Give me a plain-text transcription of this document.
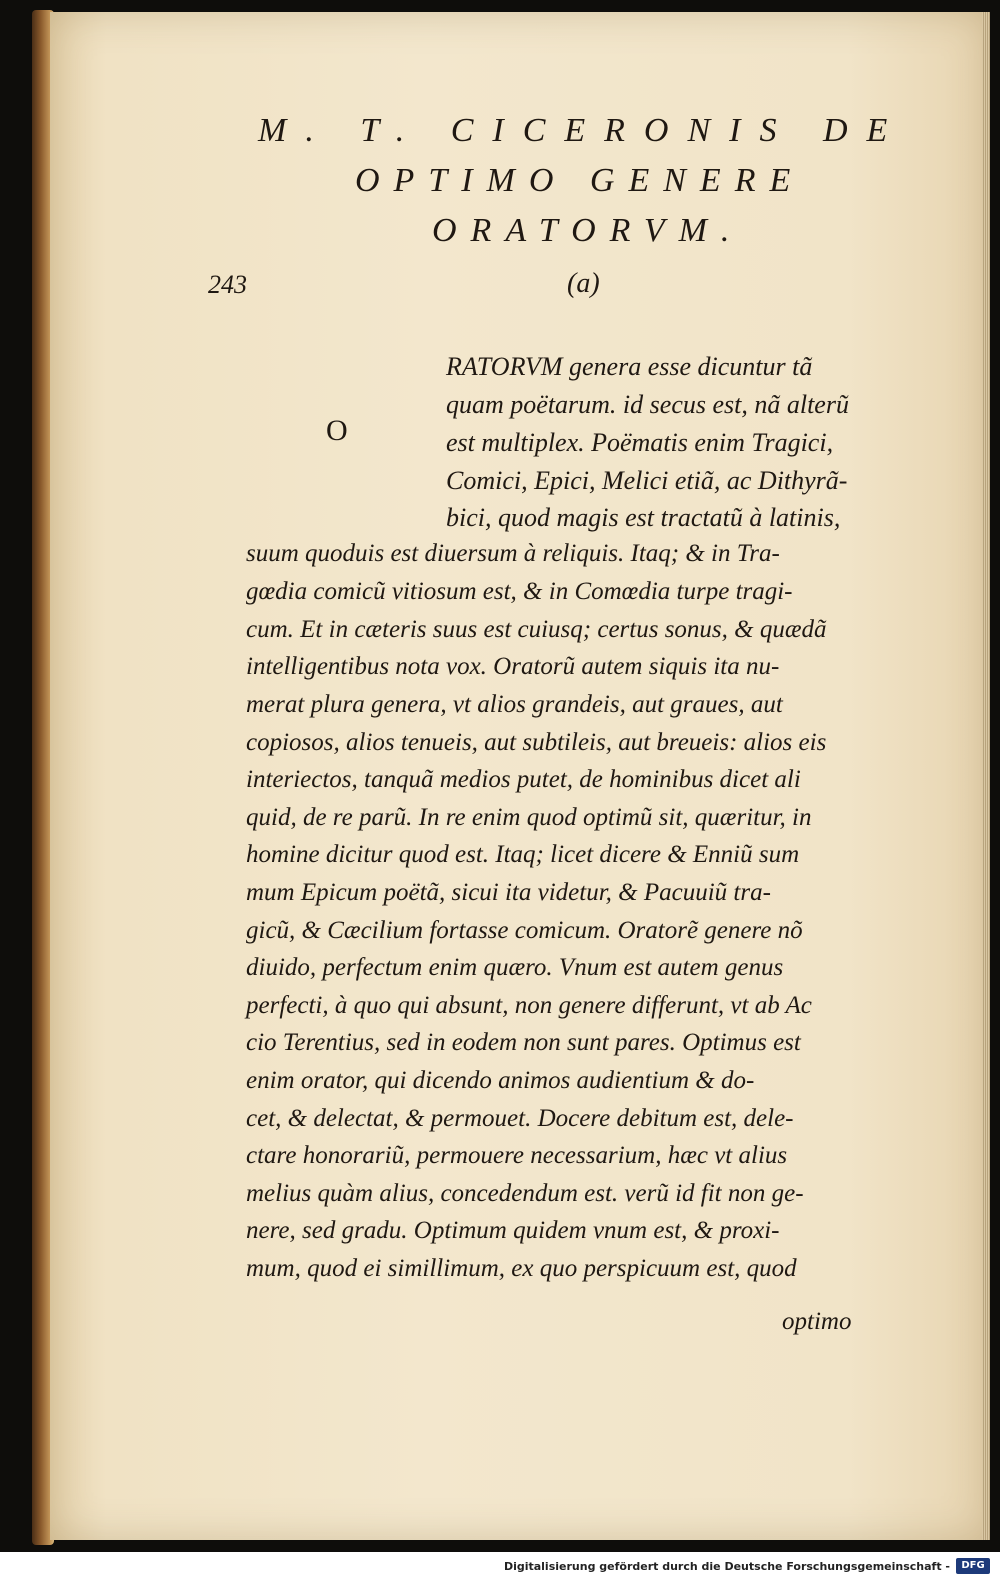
M. T. CICERONIS DE
OPTIMO GENERE
ORATORVM.
243	(a)
O
RATORVM genera esse dicuntur tã
quam poëtarum. id secus est, nã alterũ
est multiplex. Poëmatis enim Tragici,
Comici, Epici, Melici etiã, ac Dithyrã-
bici, quod magis est tractatũ à latinis,
suum quoduis est diuersum à reliquis. Itaq; & in Tra-
gœdia comicũ vitiosum est, & in Comœdia turpe tragi-
cum. Et in cæteris suus est cuiusq; certus sonus, & quædã
intelligentibus nota vox. Oratorũ autem siquis ita nu-
merat plura genera, vt alios grandeis, aut graues, aut
copiosos, alios tenueis, aut subtileis, aut breueis: alios eis
interiectos, tanquã medios putet, de hominibus dicet ali
quid, de re parũ. In re enim quod optimũ sit, quæritur, in
homine dicitur quod est. Itaq; licet dicere & Enniũ sum
mum Epicum poëtã, sicui ita videtur, & Pacuuiũ tra-
gicũ, & Cæcilium fortasse comicum. Oratorẽ genere nõ
diuido, perfectum enim quæro. Vnum est autem genus
perfecti, à quo qui absunt, non genere differunt, vt ab Ac
cio Terentius, sed in eodem non sunt pares. Optimus est
enim orator, qui dicendo animos audientium & do-
cet, & delectat, & permouet. Docere debitum est, dele-
ctare honorariũ, permouere necessarium, hæc vt alius
melius quàm alius, concedendum est. verũ id fit non ge-
nere, sed gradu. Optimum quidem vnum est, & proxi-
mum, quod ei simillimum, ex quo perspicuum est, quod
optimo
Digitalisierung gefördert durch die Deutsche Forschungsgemeinschaft -	DFG
